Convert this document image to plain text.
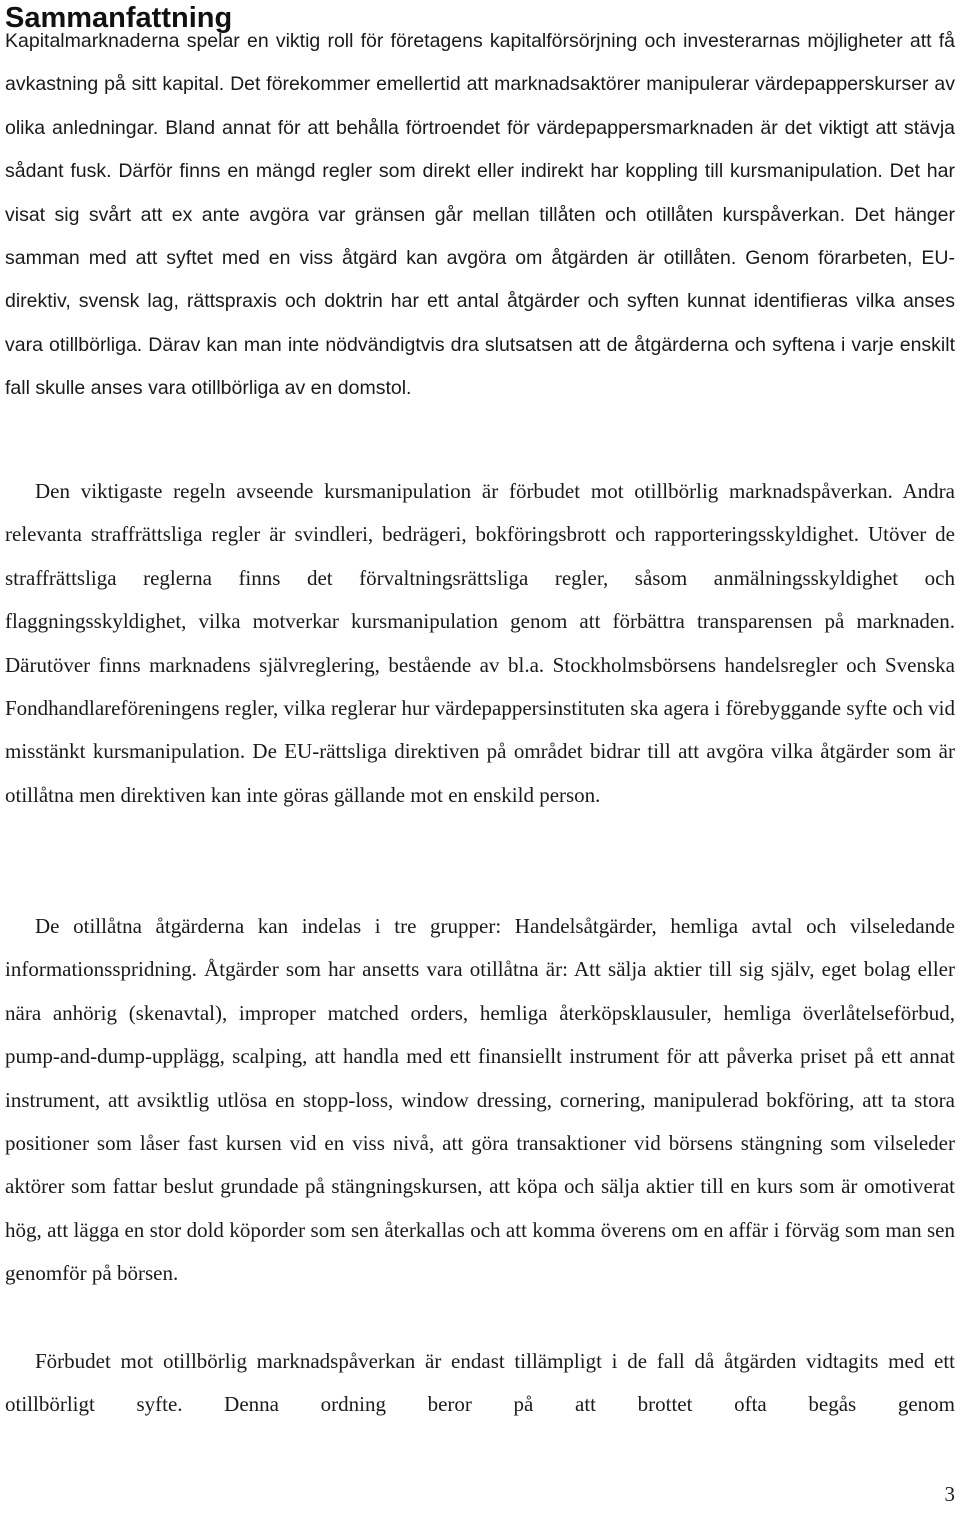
Sammanfattning

Kapitalmarknaderna spelar en viktig roll för företagens kapitalförsörjning och investerarnas möjligheter att få avkastning på sitt kapital. Det förekommer emellertid att marknadsaktörer manipulerar värdepapperskurser av olika anledningar. Bland annat för att behålla förtroendet för värdepappersmarknaden är det viktigt att stävja sådant fusk. Därför finns en mängd regler som direkt eller indirekt har koppling till kursmanipulation. Det har visat sig svårt att ex ante avgöra var gränsen går mellan tillåten och otillåten kurspåverkan. Det hänger samman med att syftet med en viss åtgärd kan avgöra om åtgärden är otillåten. Genom förarbeten, EU-direktiv, svensk lag, rättspraxis och doktrin har ett antal åtgärder och syften kunnat identifieras vilka anses vara otillbörliga. Därav kan man inte nödvändigtvis dra slutsatsen att de åtgärderna och syftena i varje enskilt fall skulle anses vara otillbörliga av en domstol.

Den viktigaste regeln avseende kursmanipulation är förbudet mot otillbörlig marknadspåverkan. Andra relevanta straffrättsliga regler är svindleri, bedrägeri, bokföringsbrott och rapporteringsskyldighet. Utöver de straffrättsliga reglerna finns det förvaltningsrättsliga regler, såsom anmälningsskyldighet och flaggningsskyldighet, vilka motverkar kursmanipulation genom att förbättra transparensen på marknaden. Därutöver finns marknadens självreglering, bestående av bl.a. Stockholmsbörsens handelsregler och Svenska Fondhandlareföreningens regler, vilka reglerar hur värdepappersinstituten ska agera i förebyggande syfte och vid misstänkt kursmanipulation. De EU-rättsliga direktiven på området bidrar till att avgöra vilka åtgärder som är otillåtna men direktiven kan inte göras gällande mot en enskild person.

De otillåtna åtgärderna kan indelas i tre grupper: Handelsåtgärder, hemliga avtal och vilseledande informationsspridning. Åtgärder som har ansetts vara otillåtna är: Att sälja aktier till sig själv, eget bolag eller nära anhörig (skenavtal), improper matched orders, hemliga återköpsklausuler, hemliga överlåtelseförbud, pump-and-dump-upplägg, scalping, att handla med ett finansiellt instrument för att påverka priset på ett annat instrument, att avsiktlig utlösa en stopp-loss, window dressing, cornering, manipulerad bokföring, att ta stora positioner som låser fast kursen vid en viss nivå, att göra transaktioner vid börsens stängning som vilseleder aktörer som fattar beslut grundade på stängningskursen, att köpa och sälja aktier till en kurs som är omotiverat hög, att lägga en stor dold köporder som sen återkallas och att komma överens om en affär i förväg som man sen genomför på börsen.

Förbudet mot otillbörlig marknadspåverkan är endast tillämpligt i de fall då åtgärden vidtagits med ett otillbörligt syfte. Denna ordning beror på att brottet ofta begås genom

3
